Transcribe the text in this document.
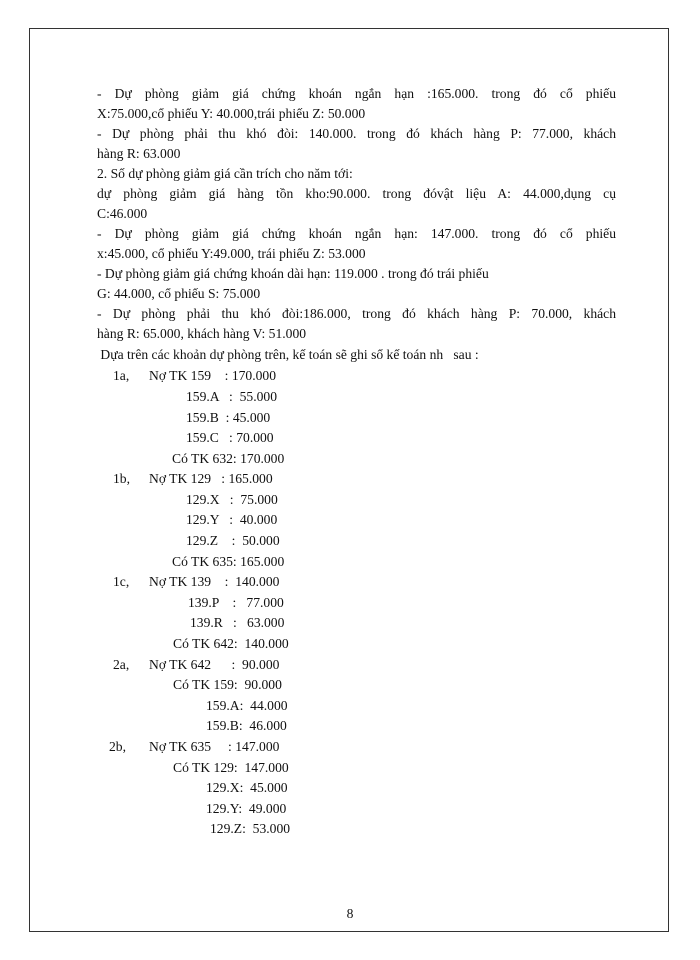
- Dự phòng giảm giá chứng khoán ngắn hạn :165.000. trong đó cổ phiếu
X:75.000,cổ phiếu Y: 40.000,trái phiếu Z: 50.000
- Dự phòng phải thu khó đòi: 140.000. trong đó khách hàng P: 77.000, khách
hàng R: 63.000
2. Số dự phòng giảm giá cần trích cho năm tới:
dự phòng giảm giá hàng tồn kho:90.000. trong đóvật liệu A: 44.000,dụng cụ
C:46.000
- Dự phòng giảm giá chứng khoán ngắn hạn: 147.000. trong đó cổ phiếu
x:45.000, cổ phiếu Y:49.000, trái phiếu Z: 53.000
- Dự phòng giảm giá chứng khoán dài hạn: 119.000 . trong đó trái phiếu
G: 44.000, cổ phiếu S: 75.000
- Dự phòng phải thu khó đòi:186.000, trong đó khách hàng P: 70.000, khách
hàng R: 65.000, khách hàng V: 51.000
Dựa trên các khoản dự phòng trên, kế toán sẽ ghi sổ kế toán nh   sau :
1a, Nợ TK 159    : 170.000
159.A   :  55.000
159.B  : 45.000
159.C   : 70.000
Có TK 632: 170.000
1b, Nợ TK 129   : 165.000
129.X   :  75.000
129.Y   :  40.000
129.Z    :  50.000
Có TK 635: 165.000
1c, Nợ TK 139    :  140.000
139.P    :   77.000
139.R   :   63.000
Có TK 642:  140.000
2a, Nợ TK 642      :  90.000
Có TK 159:  90.000
159.A:  44.000
159.B:  46.000
2b, Nợ TK 635     : 147.000
Có TK 129:  147.000
129.X:  45.000
129.Y:  49.000
129.Z:  53.000
8
